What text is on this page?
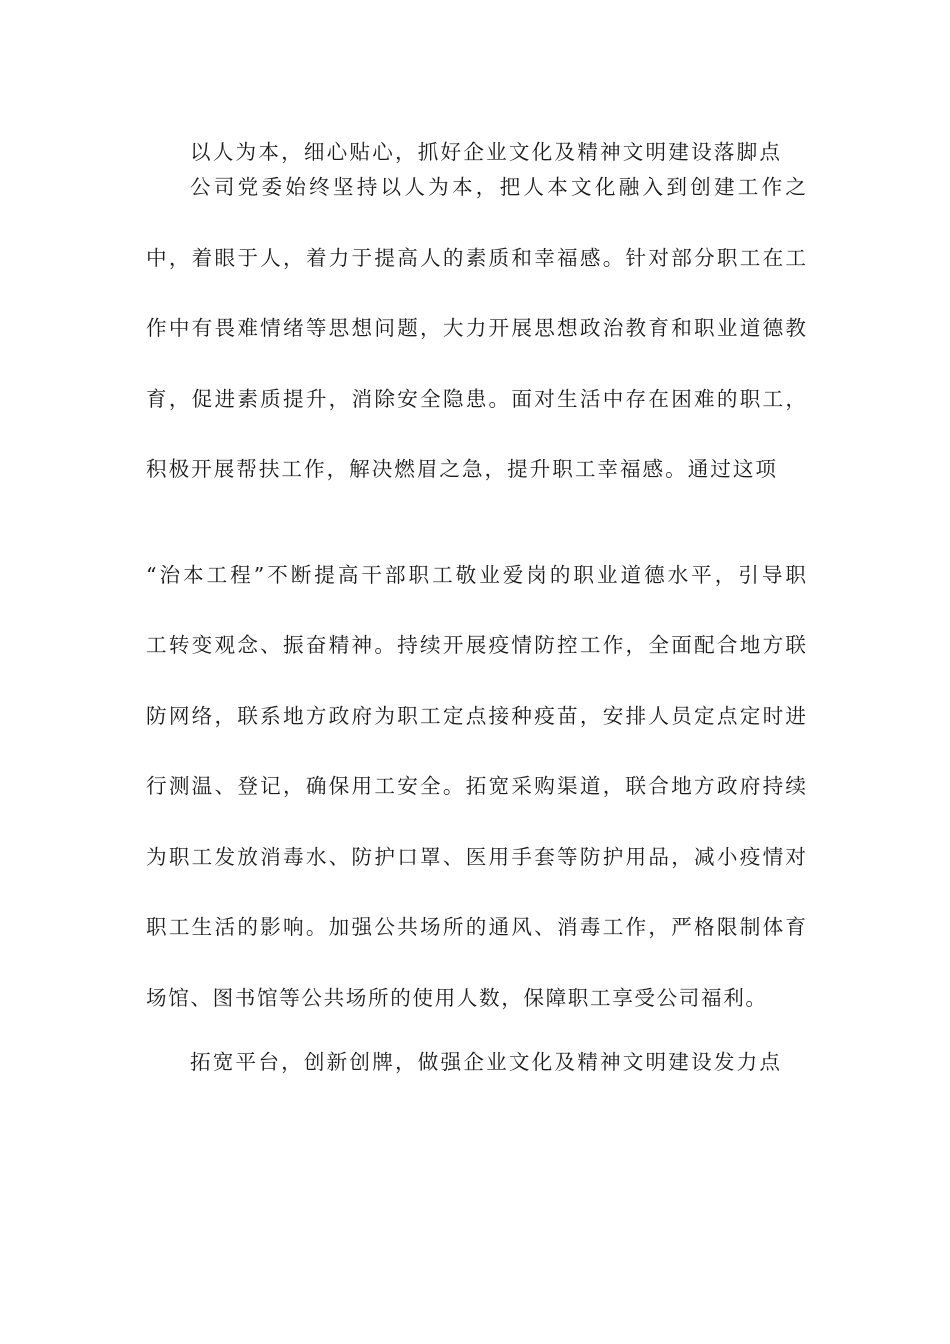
以人为本，细心贴心，抓好企业文化及精神文明建设落脚点
公司党委始终坚持以人为本，把人本文化融入到创建工作之
中，着眼于人，着力于提高人的素质和幸福感。针对部分职工在工
作中有畏难情绪等思想问题，大力开展思想政治教育和职业道德教
育，促进素质提升，消除安全隐患。面对生活中存在困难的职工，
积极开展帮扶工作，解决燃眉之急，提升职工幸福感。通过这项
“治本工程”不断提高干部职工敬业爱岗的职业道德水平，引导职
工转变观念、振奋精神。持续开展疫情防控工作，全面配合地方联
防网络，联系地方政府为职工定点接种疫苗，安排人员定点定时进
行测温、登记，确保用工安全。拓宽采购渠道，联合地方政府持续
为职工发放消毒水、防护口罩、医用手套等防护用品，减小疫情对
职工生活的影响。加强公共场所的通风、消毒工作，严格限制体育
场馆、图书馆等公共场所的使用人数，保障职工享受公司福利。
拓宽平台，创新创牌，做强企业文化及精神文明建设发力点
